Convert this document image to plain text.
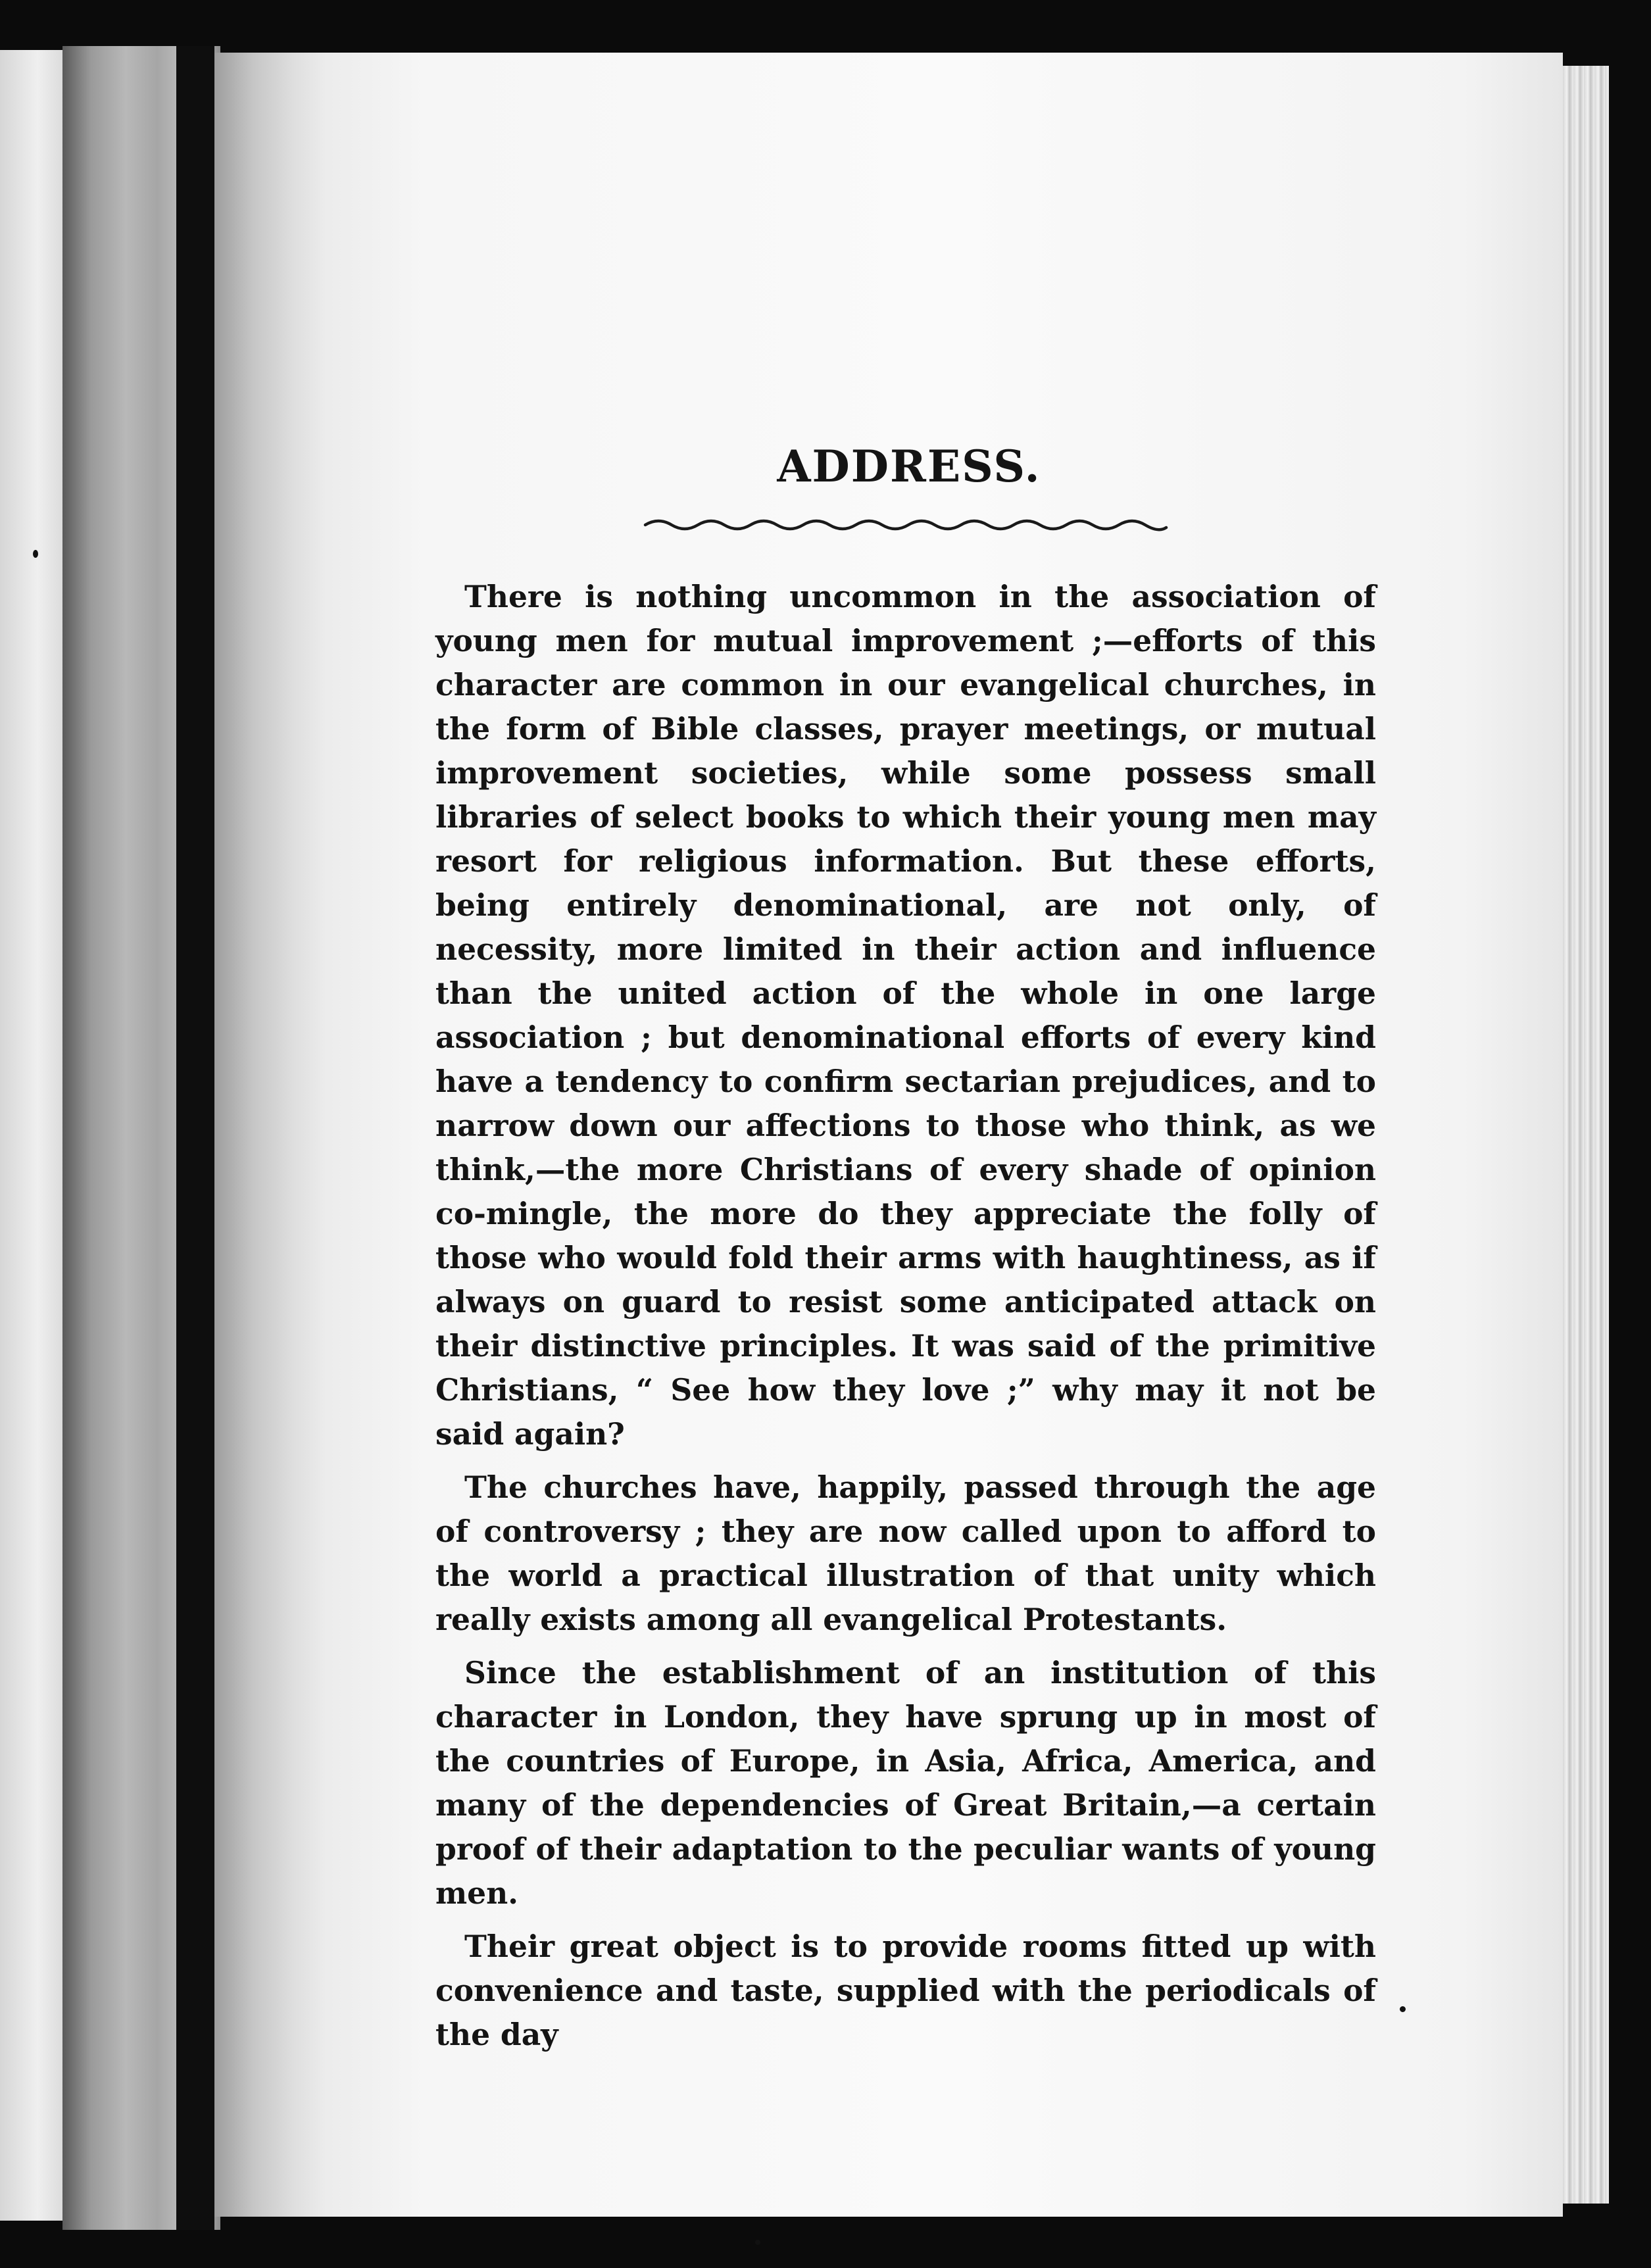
ADDRESS.

There is nothing uncommon in the association of young men for mutual improvement ;—efforts of this character are common in our evangelical churches, in the form of Bible classes, prayer meetings, or mutual improvement societies, while some possess small libraries of select books to which their young men may resort for religious information. But these efforts, being entirely denominational, are not only, of necessity, more limited in their action and influence than the united action of the whole in one large association ; but denominational efforts of every kind have a tendency to confirm sectarian prejudices, and to narrow down our affections to those who think, as we think,—the more Christians of every shade of opinion co-mingle, the more do they appreciate the folly of those who would fold their arms with haughtiness, as if always on guard to resist some anticipated attack on their distinctive principles. It was said of the primitive Christians, “ See how they love ;” why may it not be said again?

The churches have, happily, passed through the age of controversy ; they are now called upon to afford to the world a practical illustration of that unity which really exists among all evangelical Protestants.

Since the establishment of an institution of this character in London, they have sprung up in most of the countries of Europe, in Asia, Africa, America, and many of the dependencies of Great Britain,—a certain proof of their adaptation to the peculiar wants of young men.

Their great object is to provide rooms fitted up with convenience and taste, supplied with the periodicals of the day
